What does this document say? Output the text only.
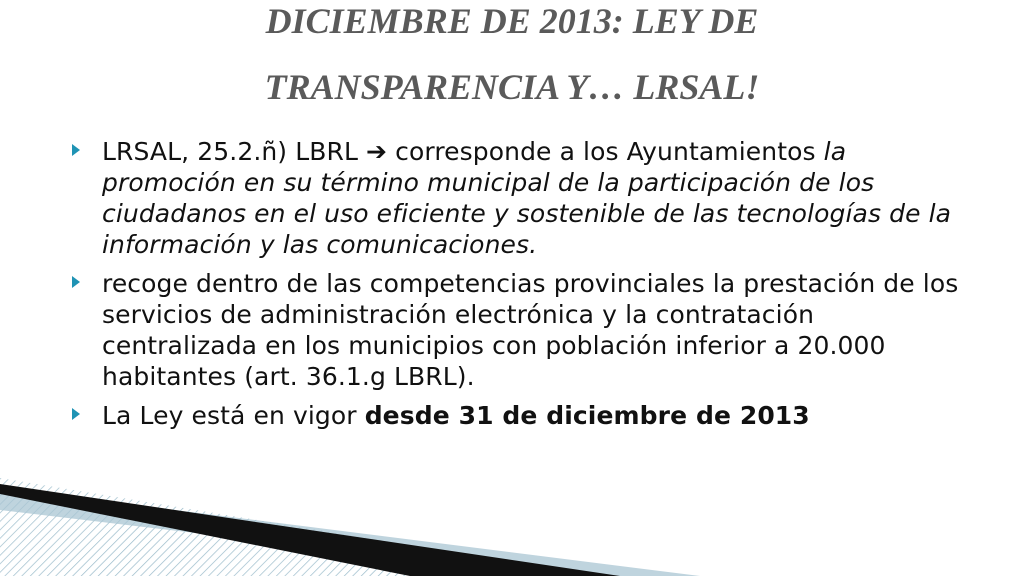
DICIEMBRE DE 2013: LEY DE
TRANSPARENCIA Y… LRSAL!
LRSAL, 25.2.ñ) LBRL ➔ corresponde a los Ayuntamientos la promoción en su término municipal de la participación de los ciudadanos en el uso eficiente y sostenible de las tecnologías de la información y las comunicaciones.
recoge dentro de las competencias provinciales la prestación de los servicios de administración electrónica y la contratación centralizada en los municipios con población inferior a 20.000 habitantes (art. 36.1.g LBRL).
La Ley está en vigor desde 31 de diciembre de 2013
